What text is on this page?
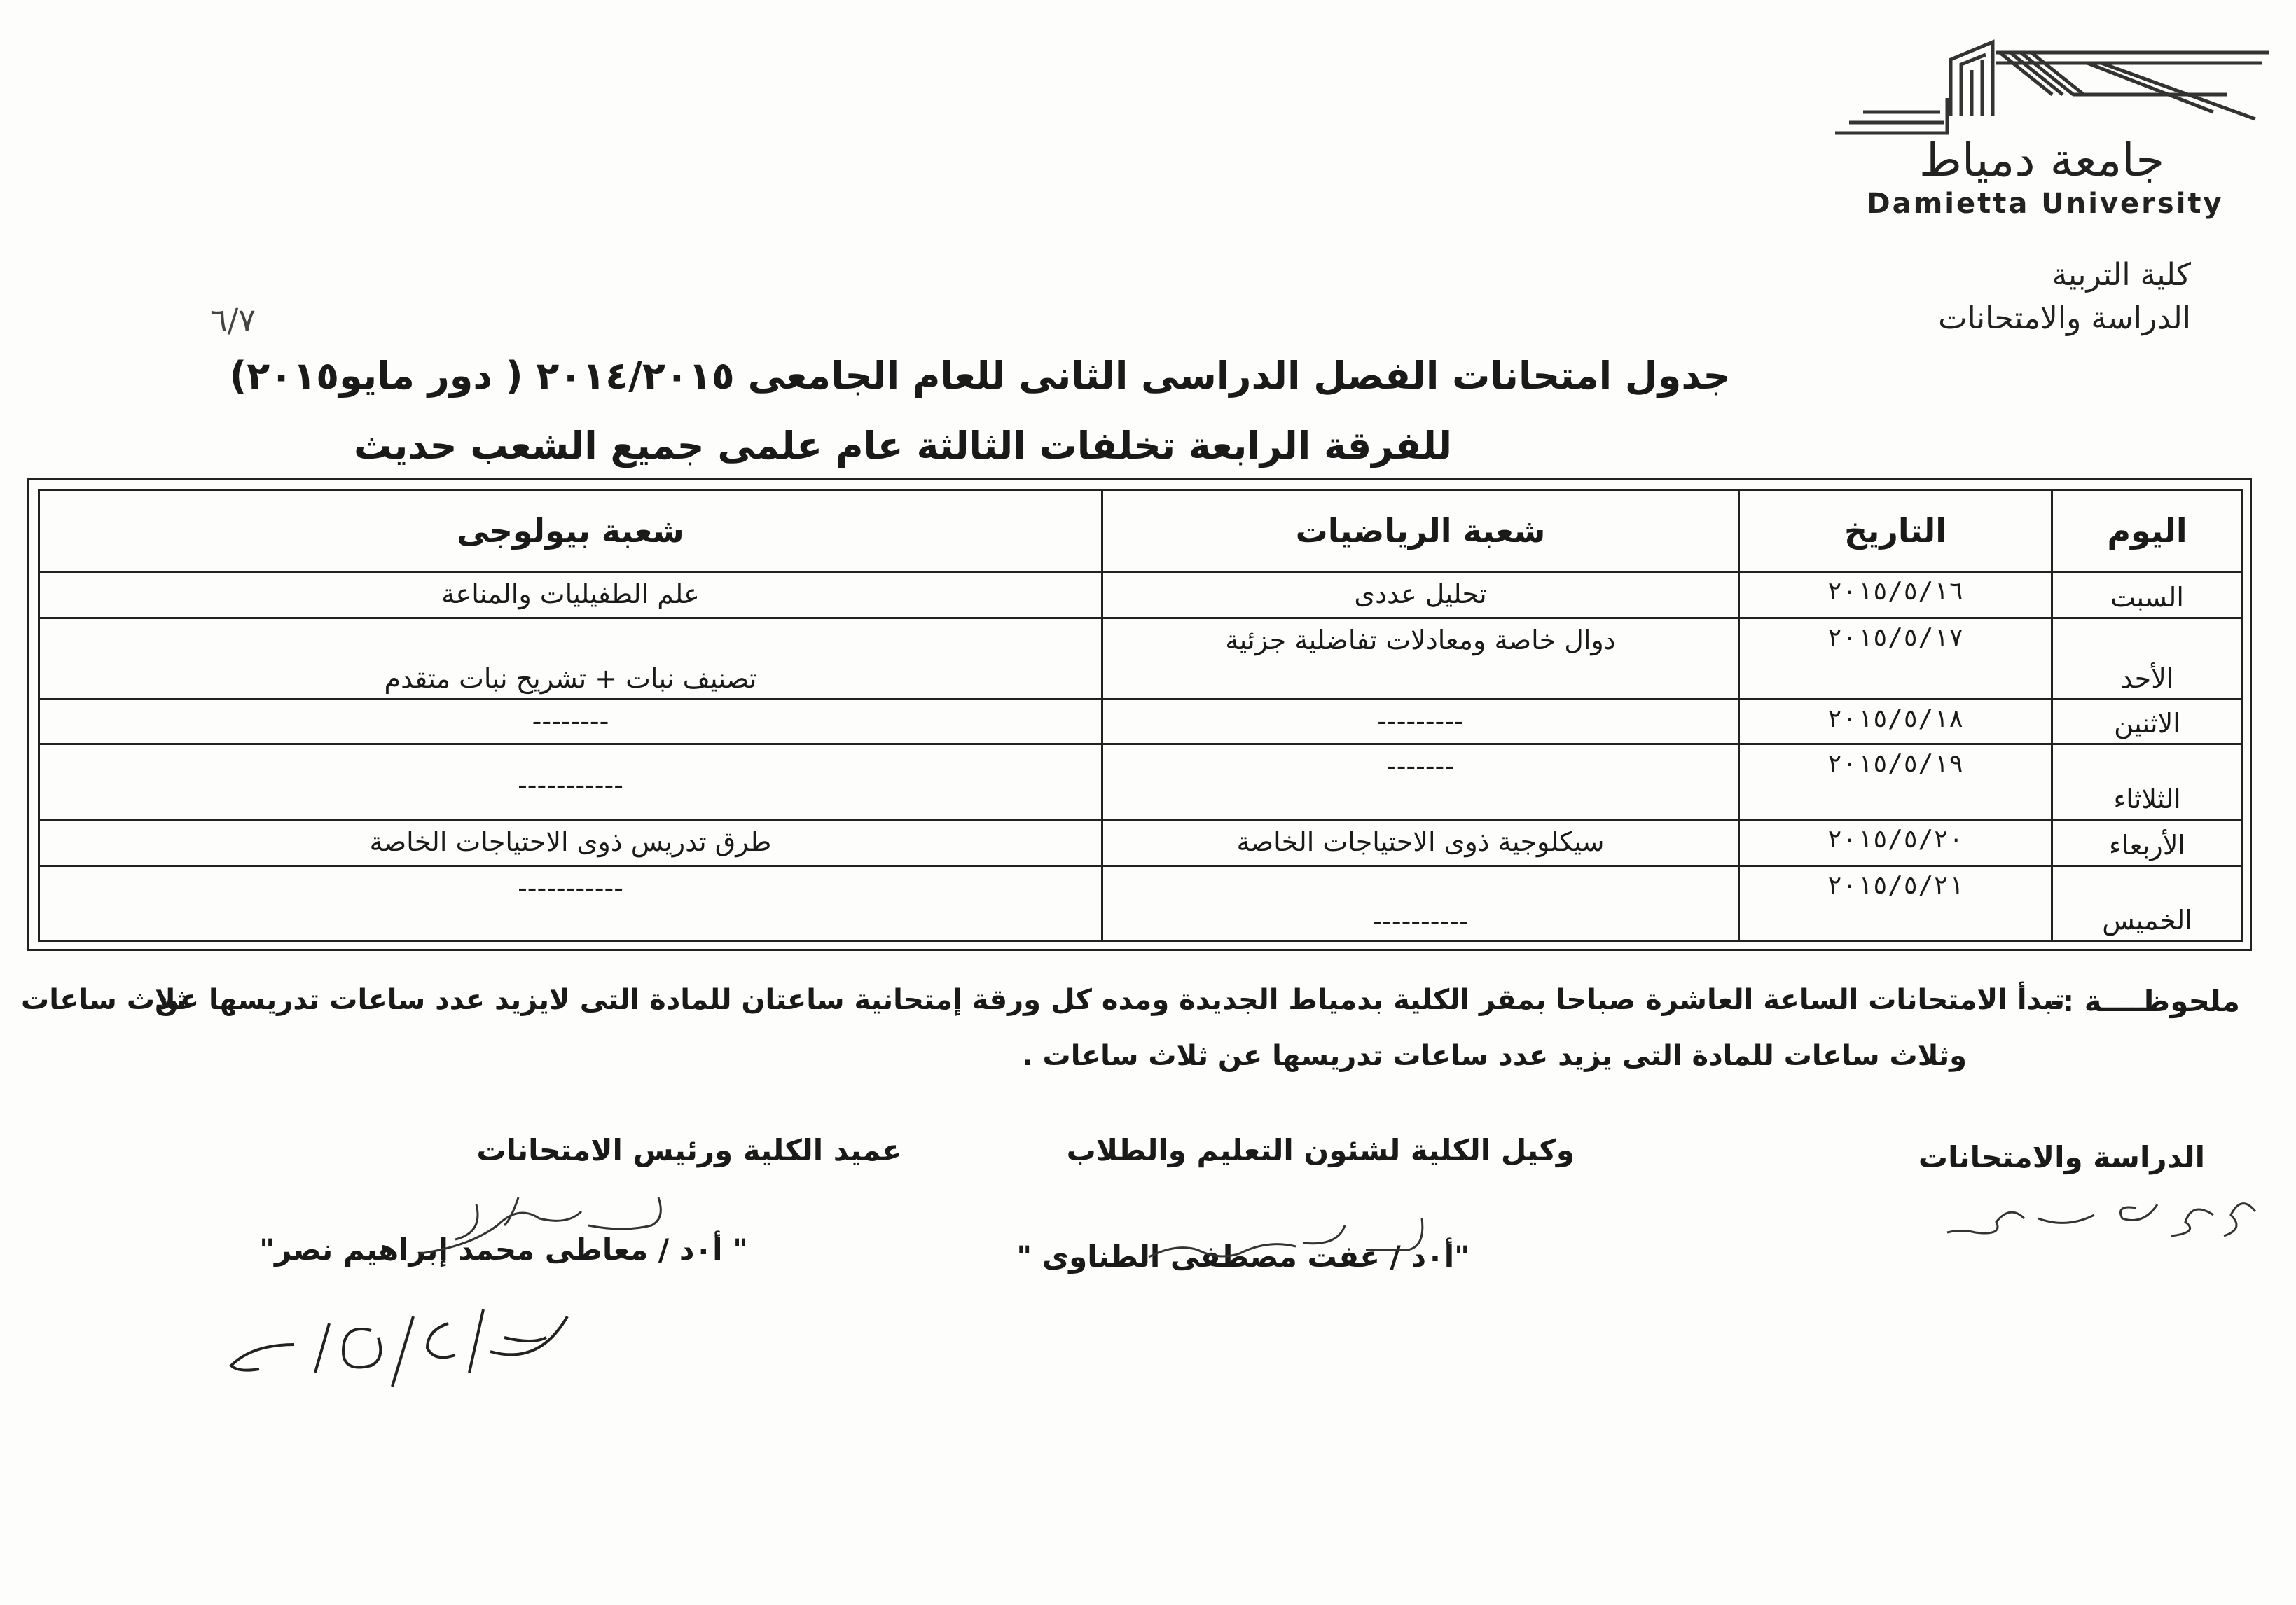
جامعة دمياط
Damietta University
كلية التربية
الدراسة والامتحانات
٦/٧
جدول امتحانات الفصل الدراسى الثانى للعام الجامعى ٢٠١٤/٢٠١٥ ( دور مايو٢٠١٥)
للفرقة الرابعة تخلفات الثالثة عام علمى جميع الشعب حديث
اليوم	التاريخ	شعبة الرياضيات	شعبة بيولوجى
السبت	٢٠١٥/٥/١٦	تحليل عددى	علم الطفيليات والمناعة
الأحد	٢٠١٥/٥/١٧	دوال خاصة ومعادلات تفاضلية جزئية	تصنيف نبات + تشريح نبات متقدم
الاثنين	٢٠١٥/٥/١٨	---------	--------
الثلاثاء	٢٠١٥/٥/١٩	-------	-----------
الأربعاء	٢٠١٥/٥/٢٠	سيكلوجية ذوى الاحتياجات الخاصة	طرق تدريس ذوى الاحتياجات الخاصة
الخميس	٢٠١٥/٥/٢١	----------	-----------
ملحوظــــة :-
تبدأ الامتحانات الساعة العاشرة صباحا بمقر الكلية بدمياط الجديدة ومده كل ورقة إمتحانية ساعتان للمادة التى لايزيد عدد ساعات تدريسها عن
ثلاث ساعات
وثلاث ساعات للمادة التى يزيد عدد ساعات تدريسها عن ثلاث ساعات .
الدراسة والامتحانات
وكيل الكلية لشئون التعليم والطلاب
"أ٠د / عفت مصطفى الطناوى "
عميد الكلية ورئيس الامتحانات
" أ٠د / معاطى محمد إبراهيم نصر"
